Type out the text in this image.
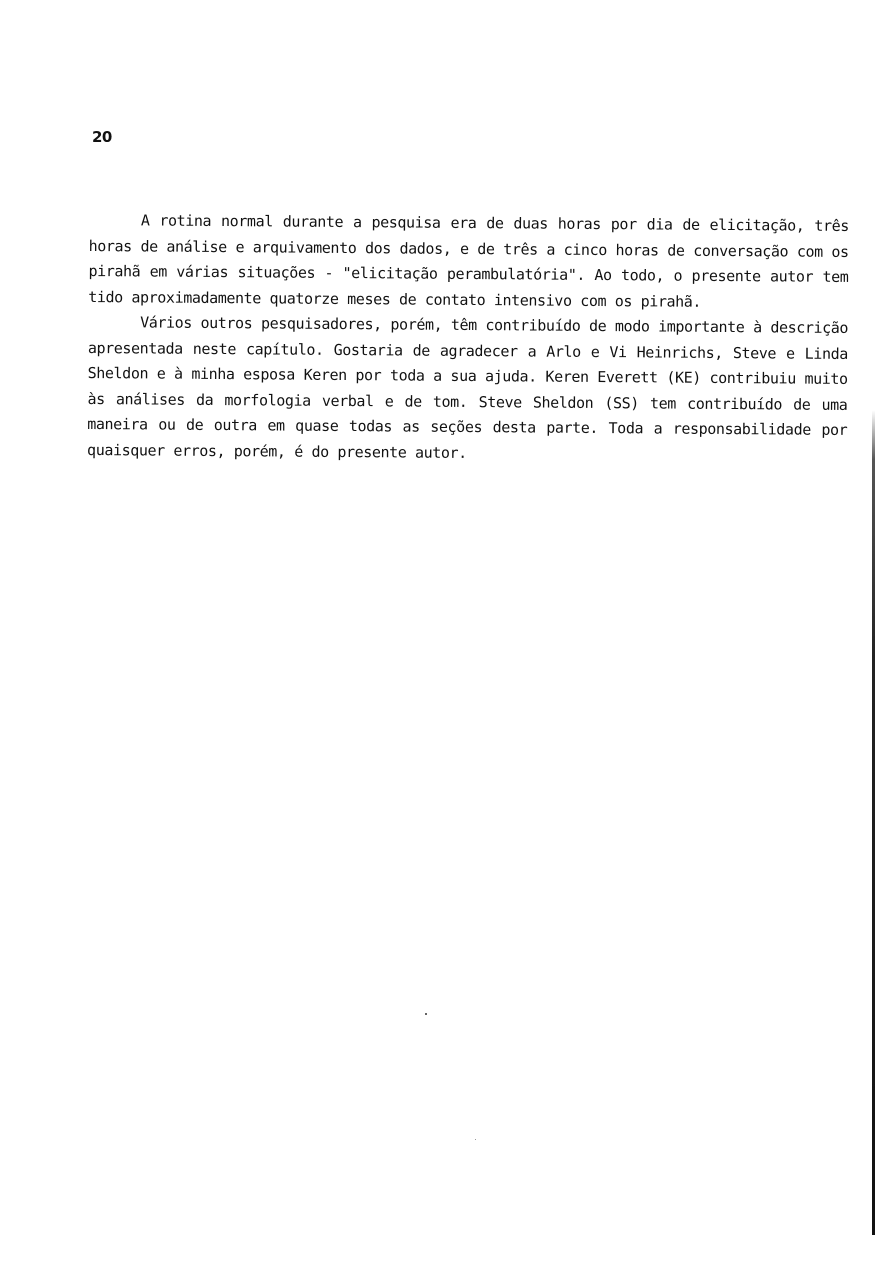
20

A rotina normal durante a pesquisa era de duas horas por dia de elicitação, três horas de análise e arquivamento dos dados, e de três a cinco horas de conversação com os pirahã em várias situações - "elicitação perambulatória". Ao todo, o presente autor tem tido aproximadamente quatorze meses de contato intensivo com os pirahã.

Vários outros pesquisadores, porém, têm contribuído de modo importante à descrição apresentada neste capítulo. Gostaria de agradecer a Arlo e Vi Heinrichs, Steve e Linda Sheldon e à minha esposa Keren por toda a sua ajuda. Keren Everett (KE) contribuiu muito às análises da morfologia verbal e de tom. Steve Sheldon (SS) tem contribuído de uma maneira ou de outra em quase todas as seções desta parte. Toda a responsabilidade por quaisquer erros, porém, é do presente autor.
